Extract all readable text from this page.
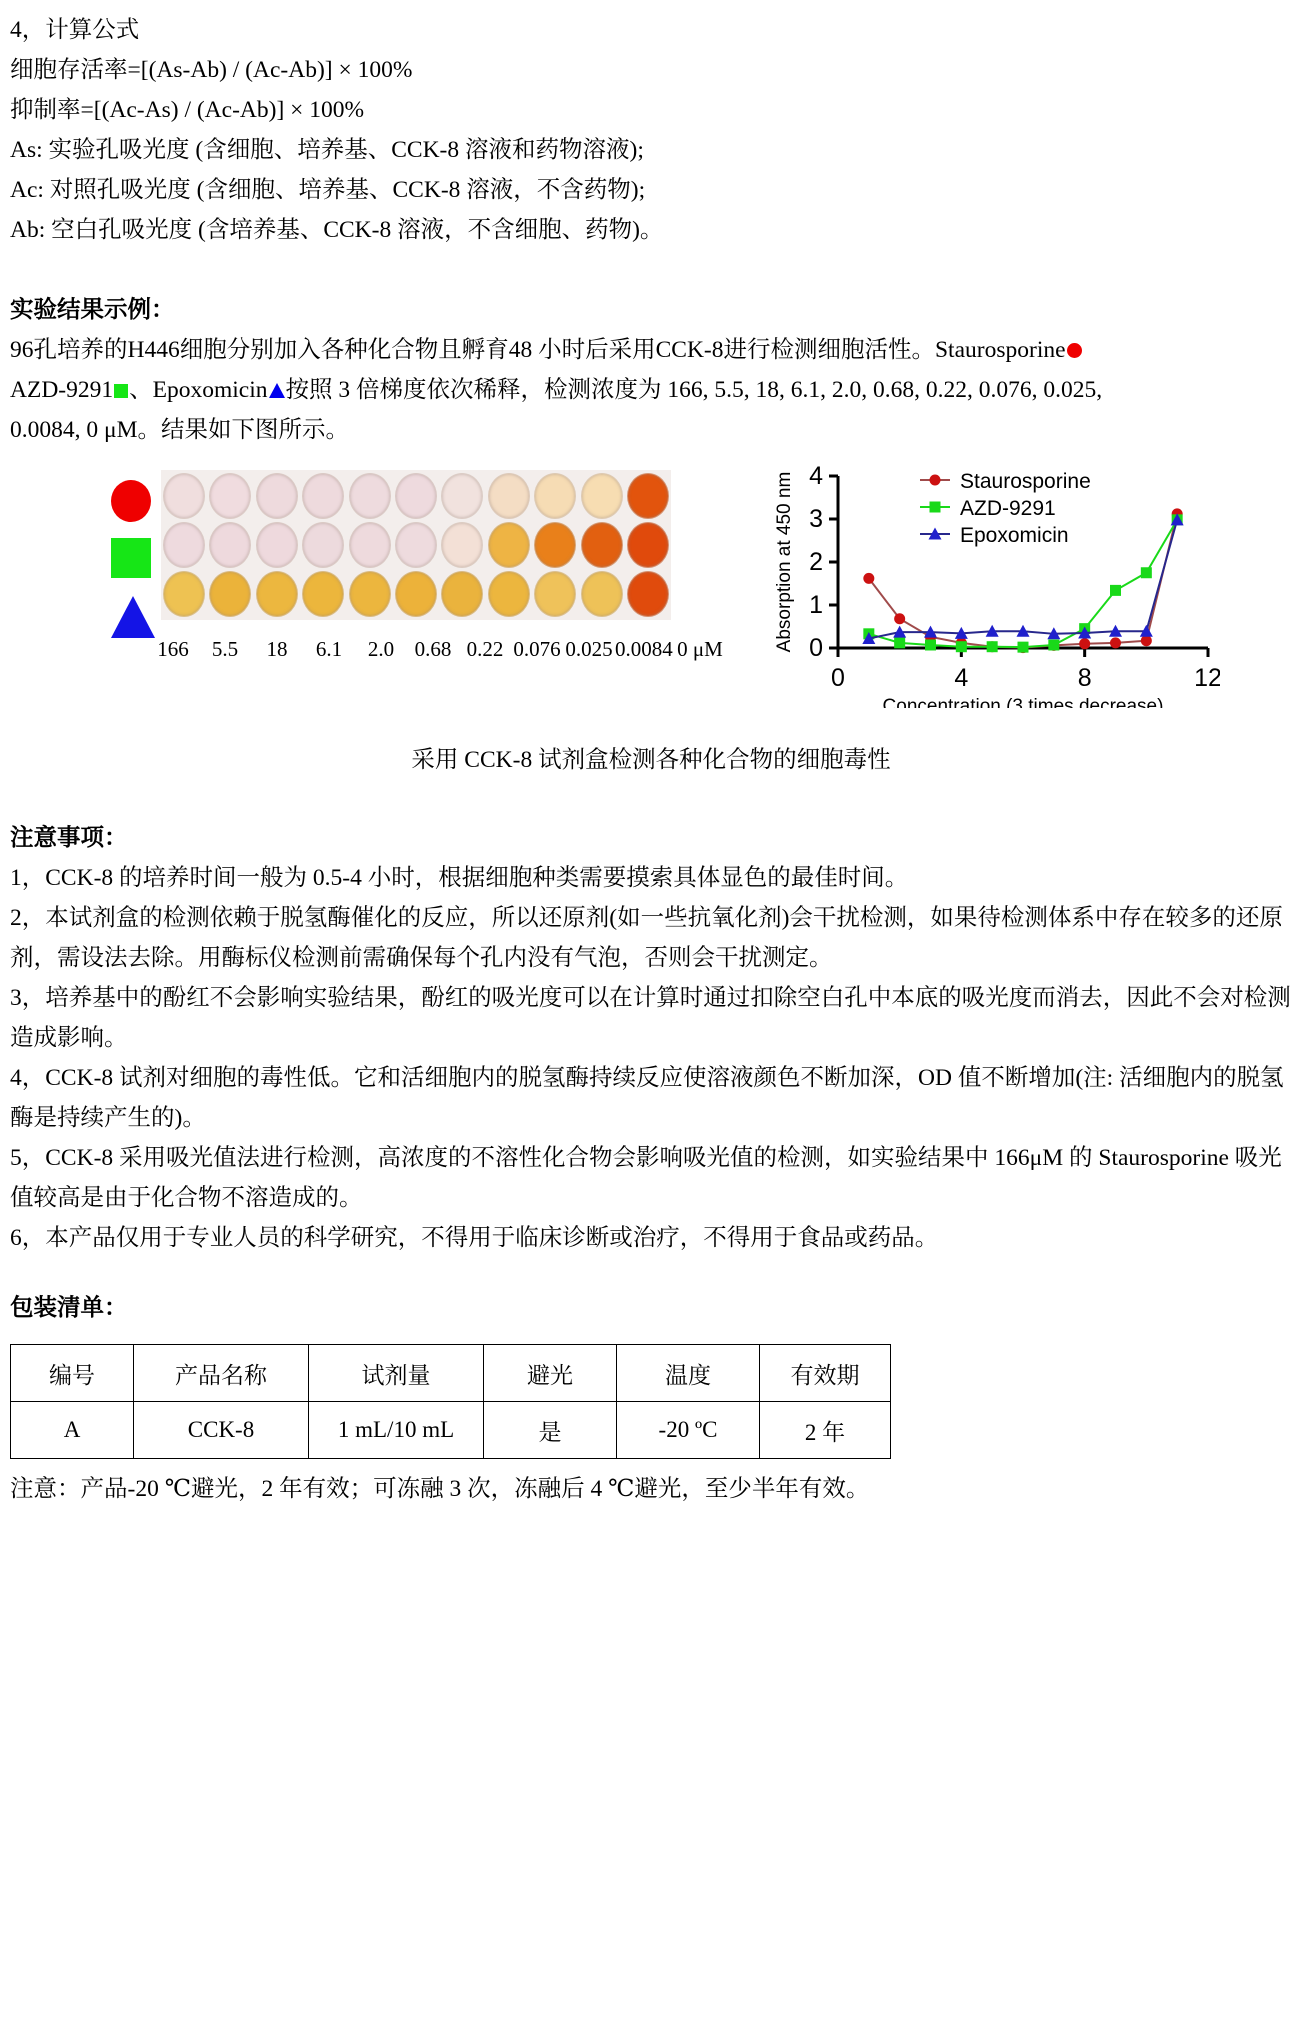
4，计算公式
细胞存活率=[(As-Ab) / (Ac-Ab)] × 100%
抑制率=[(Ac-As) / (Ac-Ab)] × 100%
As: 实验孔吸光度 (含细胞、培养基、CCK-8 溶液和药物溶液);
Ac: 对照孔吸光度 (含细胞、培养基、CCK-8 溶液，不含药物);
Ab: 空白孔吸光度 (含培养基、CCK-8 溶液，不含细胞、药物)。
实验结果示例：
96孔培养的H446细胞分别加入各种化合物且孵育48 小时后采用CCK-8进行检测细胞活性。Staurosporine
AZD-9291 、Epoxomicin 按照 3 倍梯度依次稀释，检测浓度为 166, 5.5, 18, 6.1, 2.0, 0.68, 0.22, 0.076, 0.025,
0.0084, 0 μM。结果如下图所示。
166 5.5 18 6.1 2.0 0.68 0.22 0.076 0.025 0.0084 0 μM	0
1
2
3
4
0	4	8	12
Concentration (3 times decrease)
Absorption at 450 nm	Staurosporine
AZD-9291
Epoxomicin
采用 CCK-8 试剂盒检测各种化合物的细胞毒性
注意事项：
1，CCK-8 的培养时间一般为 0.5-4 小时，根据细胞种类需要摸索具体显色的最佳时间。
2，本试剂盒的检测依赖于脱氢酶催化的反应，所以还原剂(如一些抗氧化剂)会干扰检测，如果待检测体系中存在较多的还原剂，需设法去除。用酶标仪检测前需确保每个孔内没有气泡，否则会干扰测定。
3，培养基中的酚红不会影响实验结果，酚红的吸光度可以在计算时通过扣除空白孔中本底的吸光度而消去，因此不会对检测造成影响。
4，CCK-8 试剂对细胞的毒性低。它和活细胞内的脱氢酶持续反应使溶液颜色不断加深，OD 值不断增加(注: 活细胞内的脱氢酶是持续产生的)。
5，CCK-8 采用吸光值法进行检测，高浓度的不溶性化合物会影响吸光值的检测，如实验结果中 166μM 的 Staurosporine 吸光值较高是由于化合物不溶造成的。
6，本产品仅用于专业人员的科学研究，不得用于临床诊断或治疗，不得用于食品或药品。
包装清单：
编号	产品名称	试剂量	避光	温度	有效期
A	CCK-8	1 mL/10 mL	是	-20 ºC	2 年
注意：产品-20 ℃避光，2 年有效；可冻融 3 次，冻融后 4 ℃避光，至少半年有效。
